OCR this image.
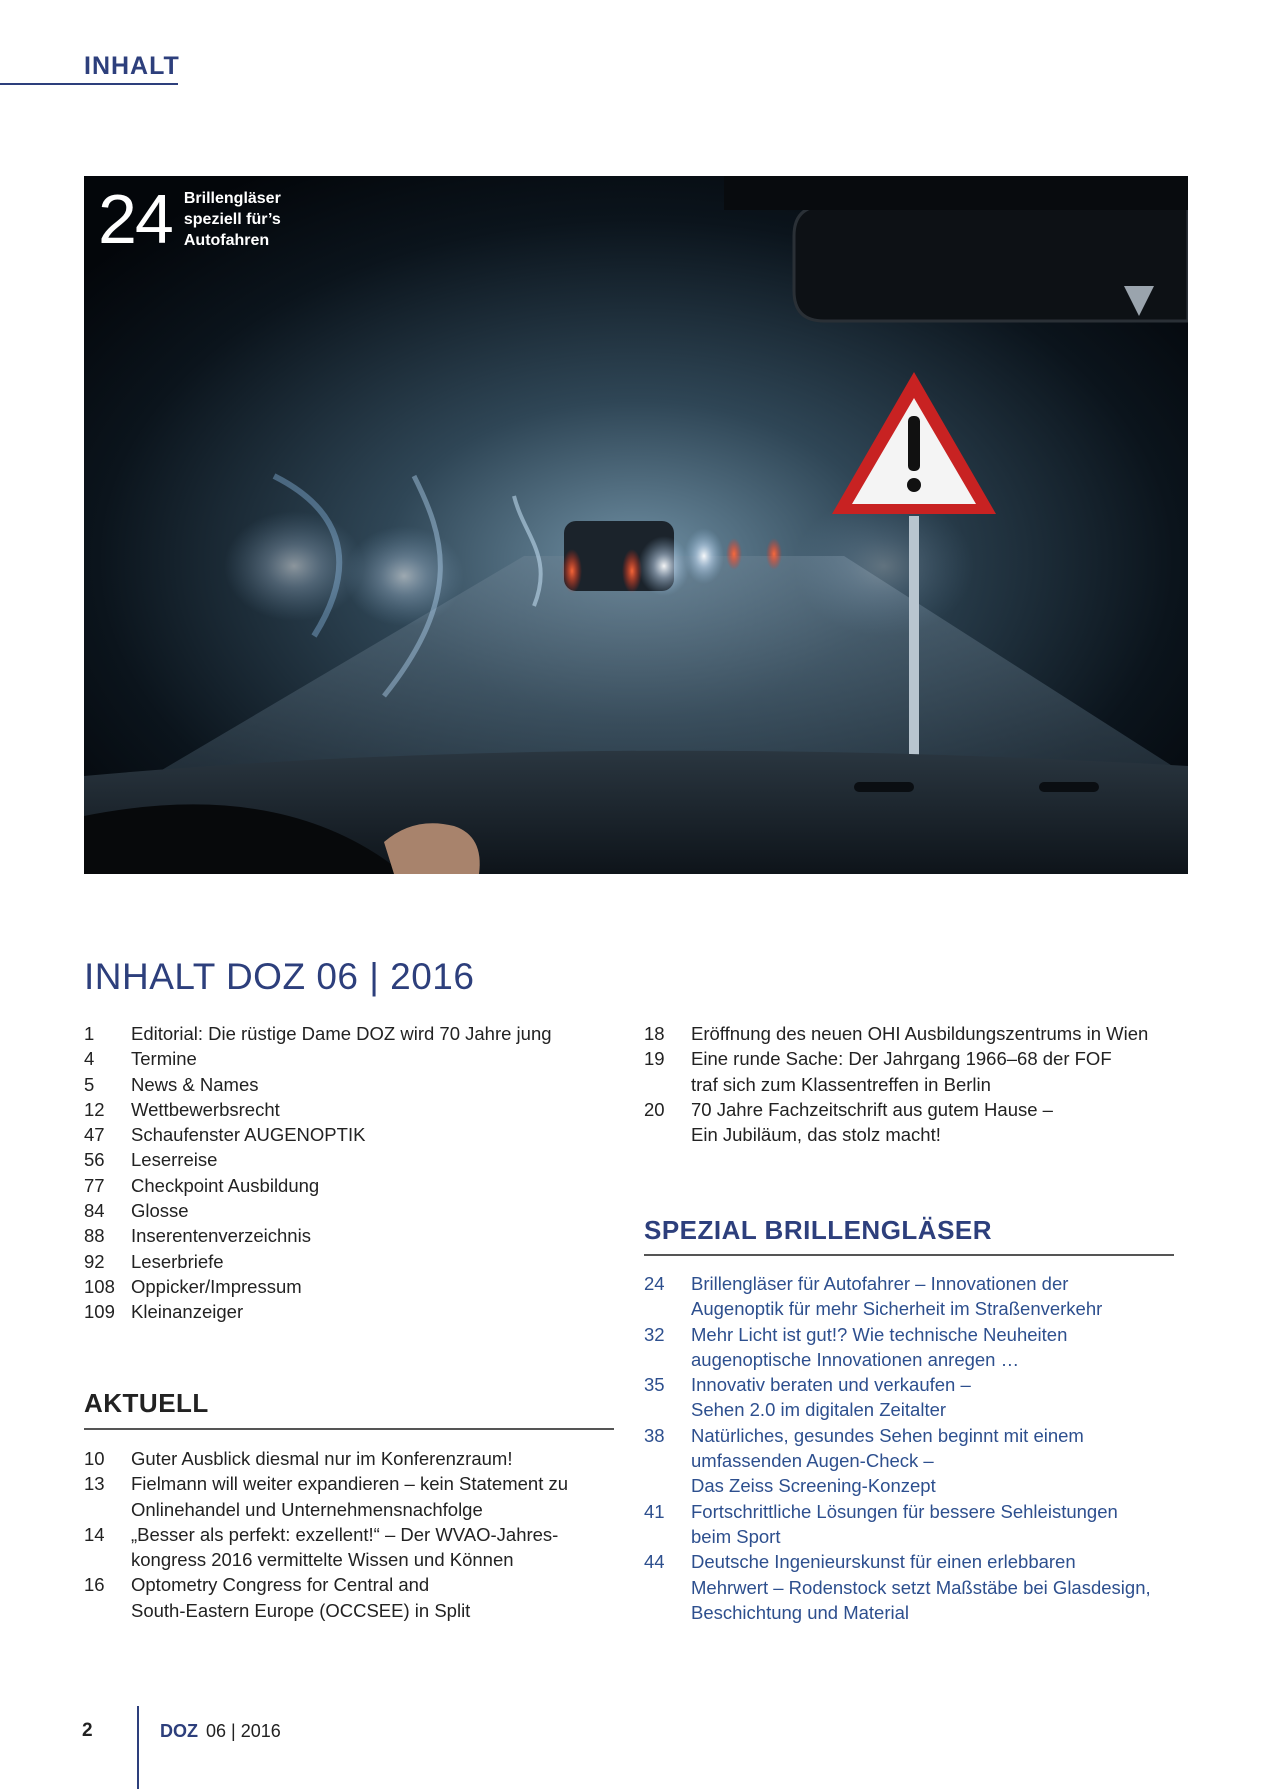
INHALT
24 Brillengläser
speziell für’s
Autofahren
INHALT DOZ 06 | 2016
1	Editorial: Die rüstige Dame DOZ wird 70 Jahre jung
4	Termine
5	News & Names
12	Wettbewerbsrecht
47	Schaufenster AUGENOPTIK
56	Leserreise
77	Checkpoint Ausbildung
84	Glosse
88	Inserentenverzeichnis
92	Leserbriefe
108 Oppicker/Impressum
109 Kleinanzeiger
AKTUELL
10	Guter Ausblick diesmal nur im Konferenzraum!
13	Fielmann will weiter expandieren – kein Statement zu
Onlinehandel und Unternehmensnachfolge
14	„Besser als perfekt: exzellent!“ – Der WVAO-Jahres-
kongress 2016 vermittelte Wissen und Können
16	Optometry Congress for Central and
South-Eastern Europe (OCCSEE) in Split
18	Eröffnung des neuen OHI Ausbildungszentrums in Wien
19	Eine runde Sache: Der Jahrgang 1966–68 der FOF
traf sich zum Klassentreffen in Berlin
20	70 Jahre Fachzeitschrift aus gutem Hause –
Ein Jubiläum, das stolz macht!
SPEZIAL BRILLENGLÄSER
24	Brillengläser für Autofahrer – Innovationen der
Augenoptik für mehr Sicherheit im Straßenverkehr
32	Mehr Licht ist gut!? Wie technische Neuheiten
augenoptische Innovationen anregen …
35	Innovativ beraten und verkaufen –
Sehen 2.0 im digitalen Zeitalter
38	Natürliches, gesundes Sehen beginnt mit einem
umfassenden Augen-Check –
Das Zeiss Screening-Konzept
41	Fortschrittliche Lösungen für bessere Sehleistungen
beim Sport
44	Deutsche Ingenieurskunst für einen erlebbaren
Mehrwert – Rodenstock setzt Maßstäbe bei Glasdesign,
Beschichtung und Material
2	DOZ 06 | 2016
